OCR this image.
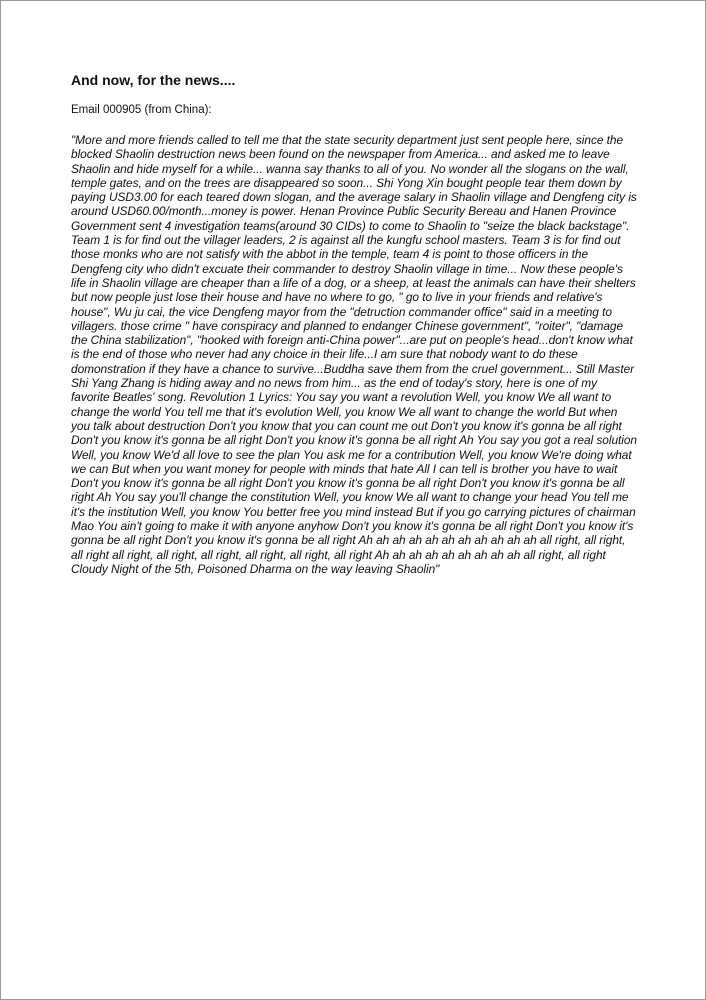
And now, for the news....

Email 000905 (from China):

"More and more friends called to tell me that the state security department just sent people here, since the blocked Shaolin destruction news been found on the newspaper from America... and asked me to leave Shaolin and hide myself for a while... wanna say thanks to all of you. No wonder all the slogans on the wall, temple gates, and on the trees are disappeared so soon... Shi Yong Xin bought people tear them down by paying USD3.00 for each teared down slogan, and the average salary in Shaolin village and Dengfeng city is around USD60.00/month...money is power. Henan Province Public Security Bereau and Hanen Province Government sent 4 investigation teams(around 30 CIDs) to come to Shaolin to "seize the black backstage". Team 1 is for find out the villager leaders, 2 is against all the kungfu school masters. Team 3 is for find out those monks who are not satisfy with the abbot in the temple, team 4 is point to those officers in the Dengfeng city who didn't excuate their commander to destroy Shaolin village in time... Now these people's life in Shaolin village are cheaper than a life of a dog, or a sheep, at least the animals can have their shelters but now people just lose their house and have no where to go, " go to live in your friends and relative's house", Wu ju cai, the vice Dengfeng mayor from the "detruction commander office" said in a meeting to villagers. those crime " have conspiracy and planned to endanger Chinese government", "roiter", "damage the China stabilization", "hooked with foreign anti-China power"...are put on people's head...don't know what is the end of those who never had any choice in their life...I am sure that nobody want to do these domonstration if they have a chance to survive...Buddha save them from the cruel government... Still Master Shi Yang Zhang is hiding away and no news from him... as the end of today's story, here is one of my favorite Beatles' song. Revolution 1 Lyrics: You say you want a revolution Well, you know We all want to change the world You tell me that it's evolution Well, you know We all want to change the world But when you talk about destruction Don't you know that you can count me out Don't you know it's gonna be all right Don't you know it's gonna be all right Don't you know it's gonna be all right Ah You say you got a real solution Well, you know We'd all love to see the plan You ask me for a contribution Well, you know We're doing what we can But when you want money for people with minds that hate All I can tell is brother you have to wait Don't you know it's gonna be all right Don't you know it's gonna be all right Don't you know it's gonna be all right Ah You say you'll change the constitution Well, you know We all want to change your head You tell me it's the institution Well, you know You better free you mind instead But if you go carrying pictures of chairman Mao You ain't going to make it with anyone anyhow Don't you know it's gonna be all right Don't you know it's gonna be all right Don't you know it's gonna be all right Ah ah ah ah ah ah ah ah ah ah ah all right, all right, all right all right, all right, all right, all right, all right, all right Ah ah ah ah ah ah ah ah ah all right, all right Cloudy Night of the 5th, Poisoned Dharma on the way leaving Shaolin"
